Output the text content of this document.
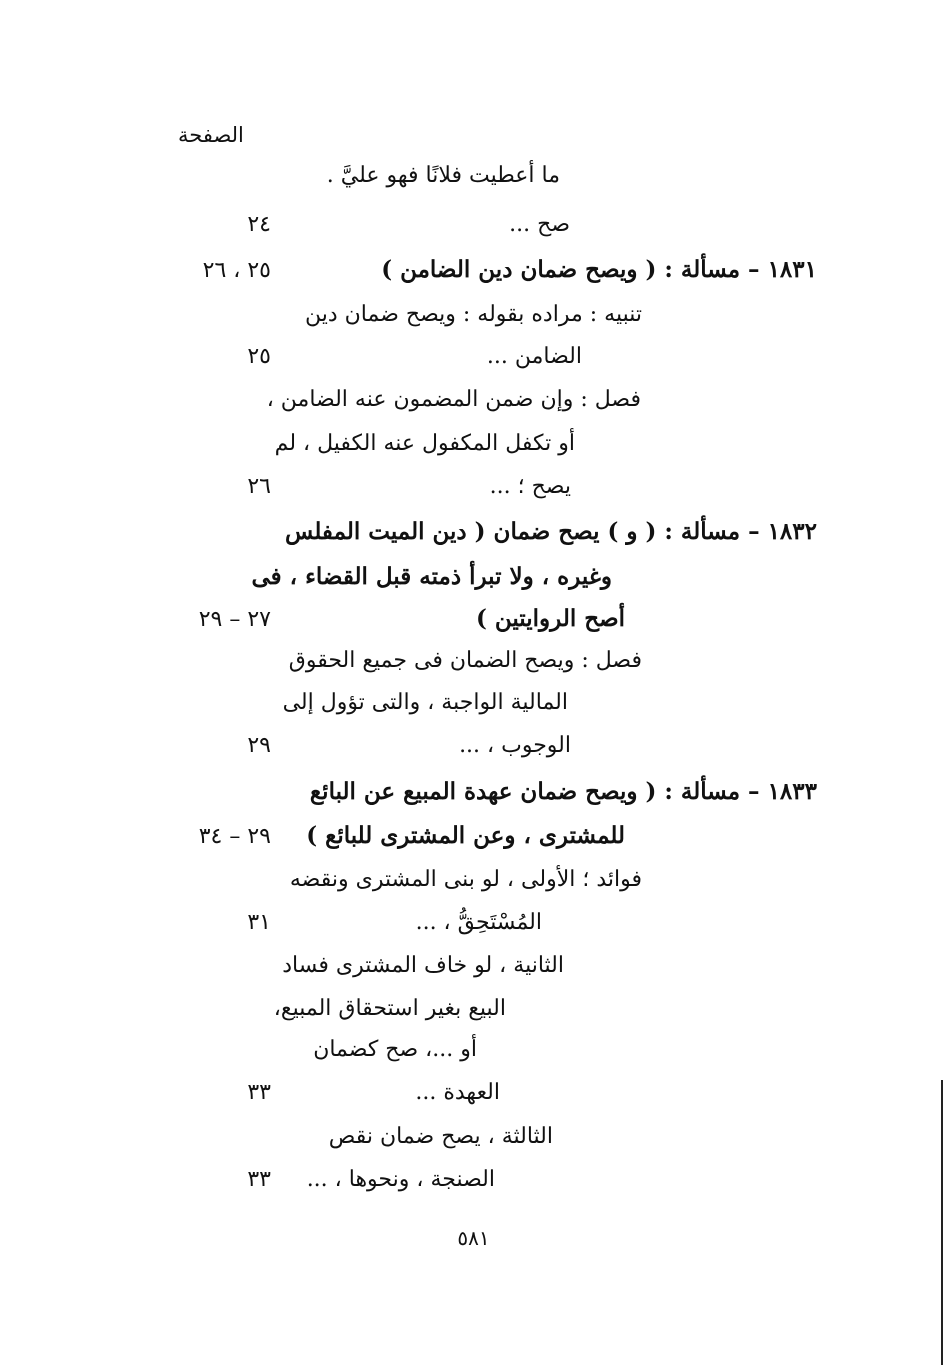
الصفحة
ما أعطيت فلانًا فهو عليَّ .
صح ...
٢٤
١٨٣١ – مسألة : ( ويصح ضمان دين الضامن )
٢٥ ، ٢٦
تنبيه : مراده بقوله : ويصح ضمان دين
الضامن ...
٢٥
فصل : وإن ضمن المضمون عنه الضامن ،
أو تكفل المكفول عنه الكفيل ، لم
يصح ؛ ...
٢٦
١٨٣٢ – مسألة : ( و ) يصح ضمان ( دين الميت المفلس
وغيره ، ولا تبرأ ذمته قبل القضاء ، فى
أصح الروايتين )
٢٧ – ٢٩
فصل : ويصح الضمان فى جميع الحقوق
المالية الواجبة ، والتى تؤول إلى
الوجوب ، ...
٢٩
١٨٣٣ – مسألة : ( ويصح ضمان عهدة المبيع عن البائع
للمشترى ، وعن المشترى للبائع )
٢٩ – ٣٤
فوائد ؛ الأولى ، لو بنى المشترى ونقضه
المُسْتَحِقُّ ، ...
٣١
الثانية ، لو خاف المشترى فساد
البيع بغير استحقاق المبيع،
أو ...، صح كضمان
العهدة ...
٣٣
الثالثة ، يصح ضمان نقص
الصنجة ، ونحوها ، ...
٣٣
٥٨١
